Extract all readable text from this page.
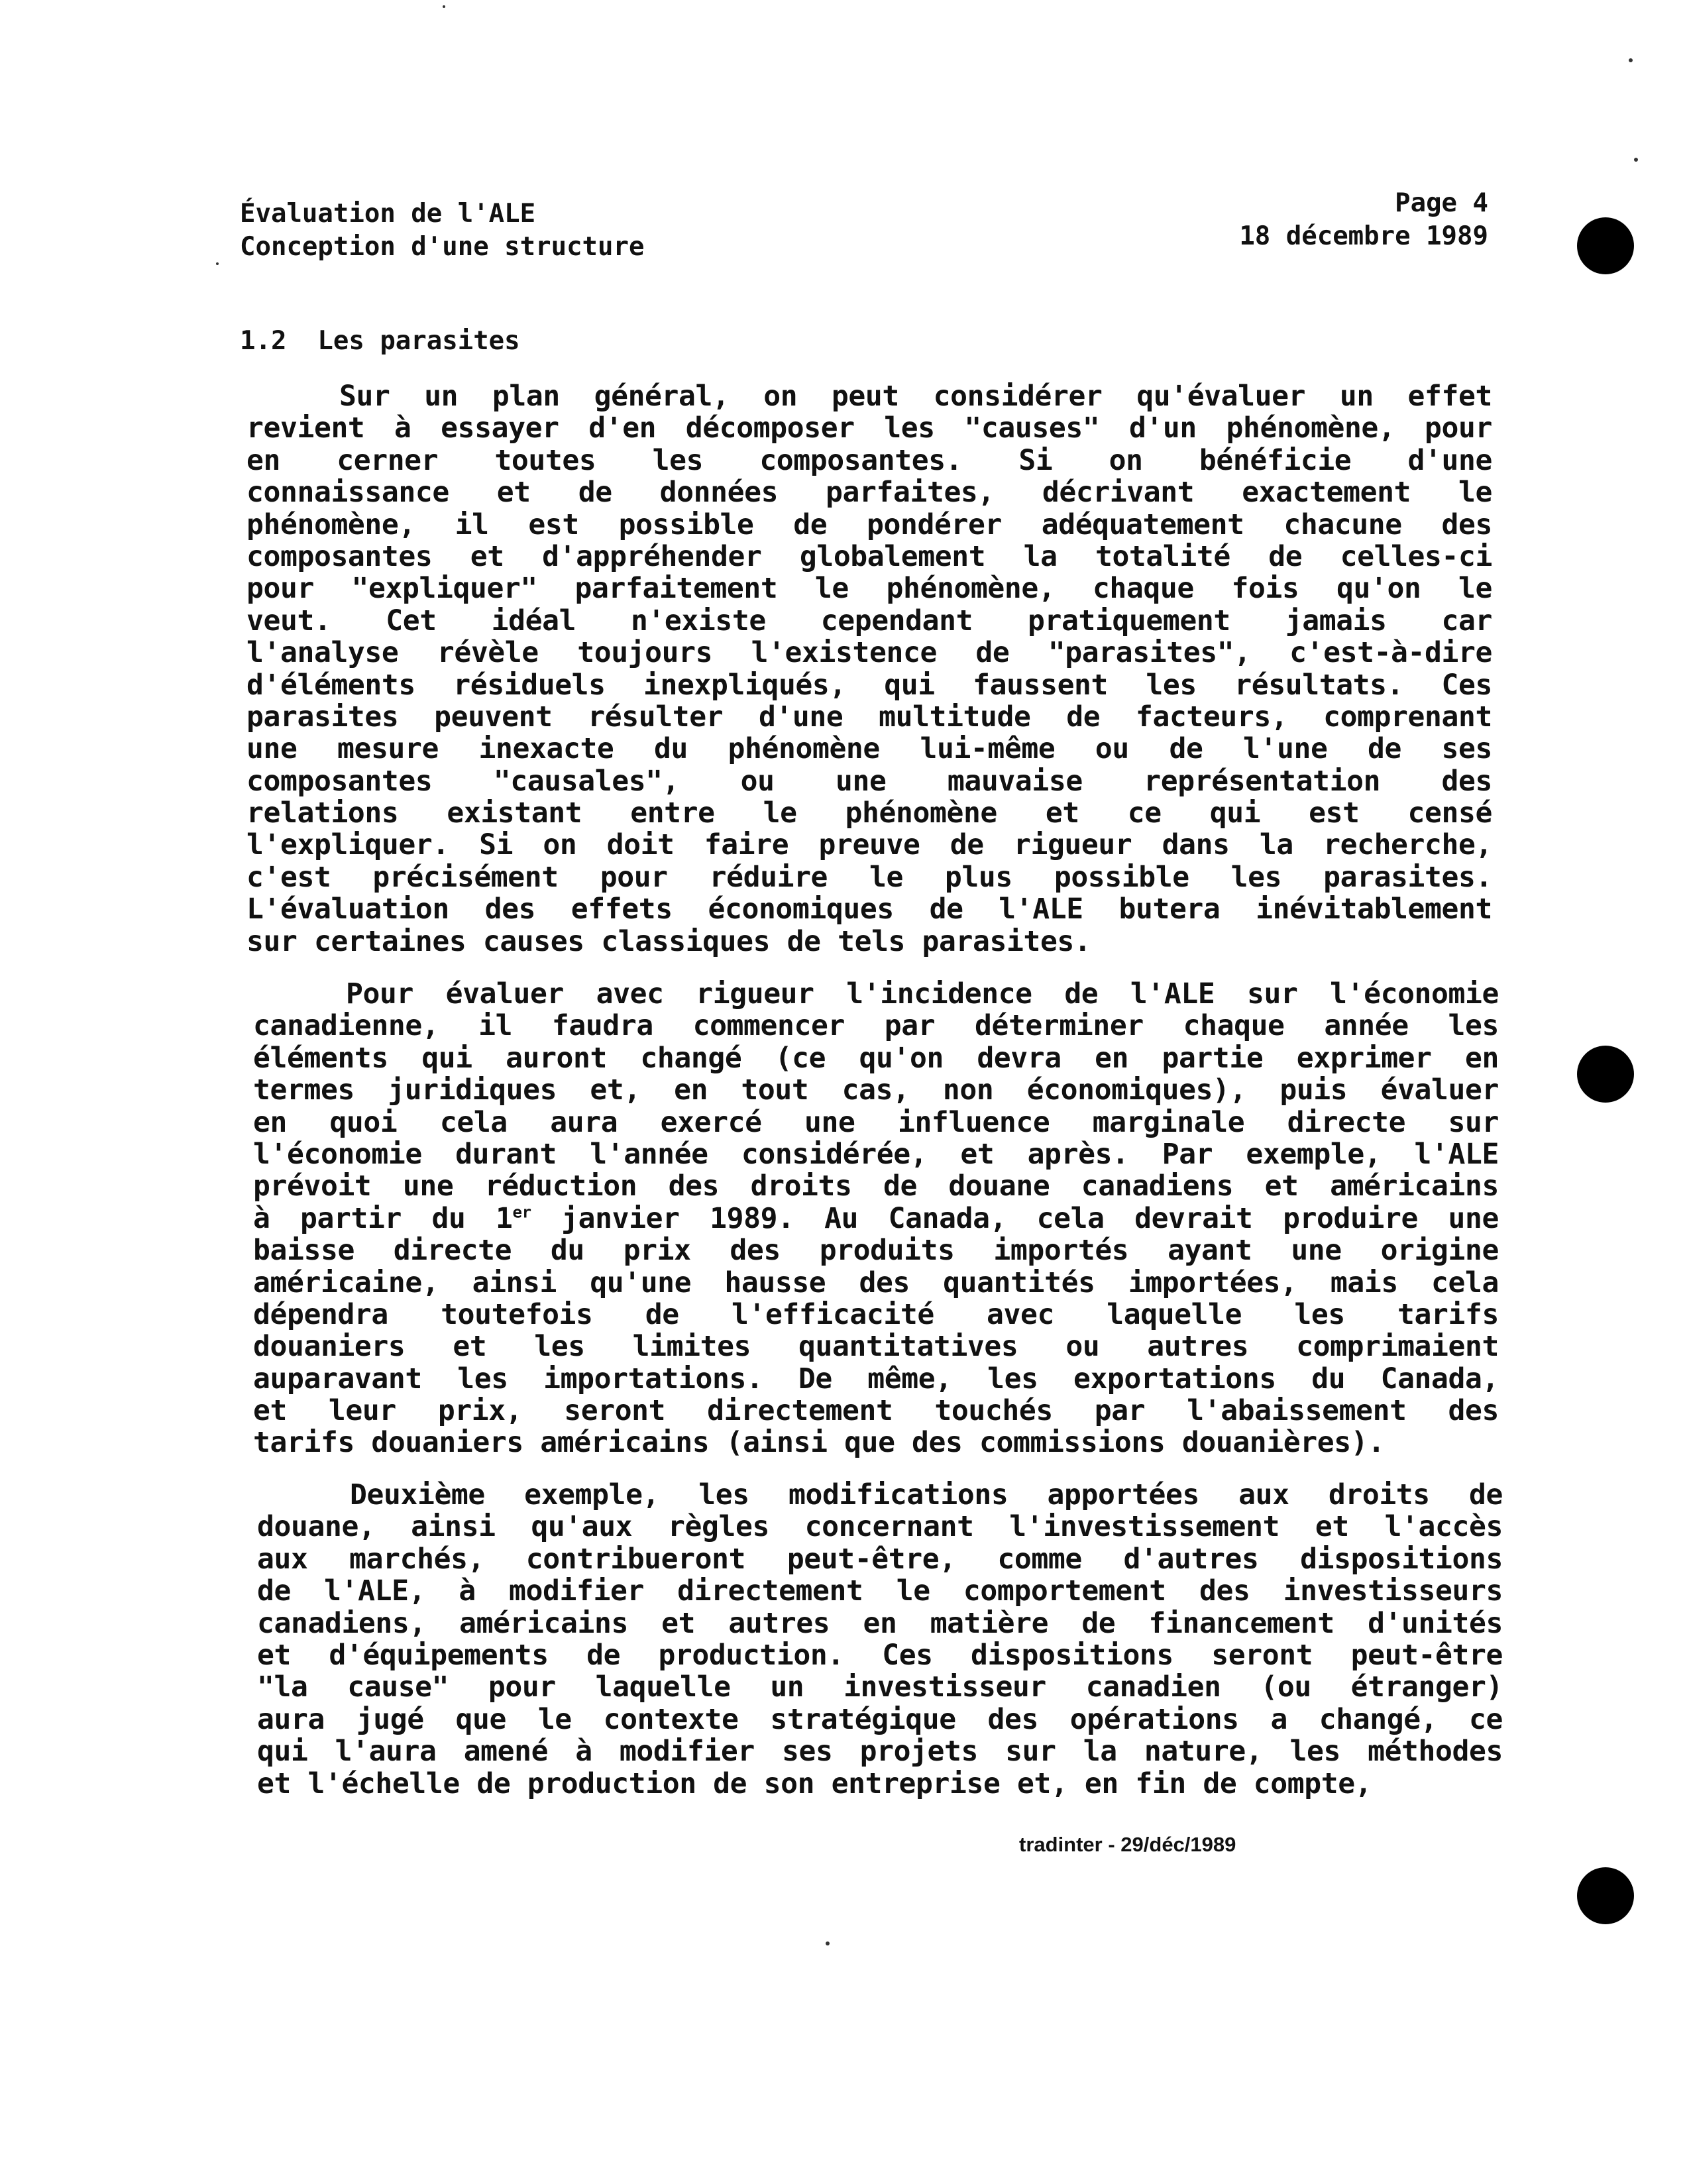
Évaluation de l'ALE
Conception d'une structure
Page 4
18 décembre 1989
1.2  Les parasites
Sur un plan général, on peut considérer qu'évaluer un effet
revient à essayer d'en décomposer les "causes" d'un phénomène, pour
en cerner toutes les composantes. Si on bénéficie d'une
connaissance et de données parfaites, décrivant exactement le
phénomène, il est possible de pondérer adéquatement chacune des
composantes et d'appréhender globalement la totalité de celles-ci
pour "expliquer" parfaitement le phénomène, chaque fois qu'on le
veut. Cet idéal n'existe cependant pratiquement jamais car
l'analyse révèle toujours l'existence de "parasites", c'est-à-dire
d'éléments résiduels inexpliqués, qui faussent les résultats. Ces
parasites peuvent résulter d'une multitude de facteurs, comprenant
une mesure inexacte du phénomène lui-même ou de l'une de ses
composantes "causales", ou une mauvaise représentation des
relations existant entre le phénomène et ce qui est censé
l'expliquer. Si on doit faire preuve de rigueur dans la recherche,
c'est précisément pour réduire le plus possible les parasites.
L'évaluation des effets économiques de l'ALE butera inévitablement
sur certaines causes classiques de tels parasites.
Pour évaluer avec rigueur l'incidence de l'ALE sur l'économie
canadienne, il faudra commencer par déterminer chaque année les
éléments qui auront changé (ce qu'on devra en partie exprimer en
termes juridiques et, en tout cas, non économiques), puis évaluer
en quoi cela aura exercé une influence marginale directe sur
l'économie durant l'année considérée, et après. Par exemple, l'ALE
prévoit une réduction des droits de douane canadiens et américains
à partir du 1er janvier 1989. Au Canada, cela devrait produire une
baisse directe du prix des produits importés ayant une origine
américaine, ainsi qu'une hausse des quantités importées, mais cela
dépendra toutefois de l'efficacité avec laquelle les tarifs
douaniers et les limites quantitatives ou autres comprimaient
auparavant les importations. De même, les exportations du Canada,
et leur prix, seront directement touchés par l'abaissement des
tarifs douaniers américains (ainsi que des commissions douanières).
Deuxième exemple, les modifications apportées aux droits de
douane, ainsi qu'aux règles concernant l'investissement et l'accès
aux marchés, contribueront peut-être, comme d'autres dispositions
de l'ALE, à modifier directement le comportement des investisseurs
canadiens, américains et autres en matière de financement d'unités
et d'équipements de production. Ces dispositions seront peut-être
"la cause" pour laquelle un investisseur canadien (ou étranger)
aura jugé que le contexte stratégique des opérations a changé, ce
qui l'aura amené à modifier ses projets sur la nature, les méthodes
et l'échelle de production de son entreprise et, en fin de compte,
tradinter - 29/déc/1989
